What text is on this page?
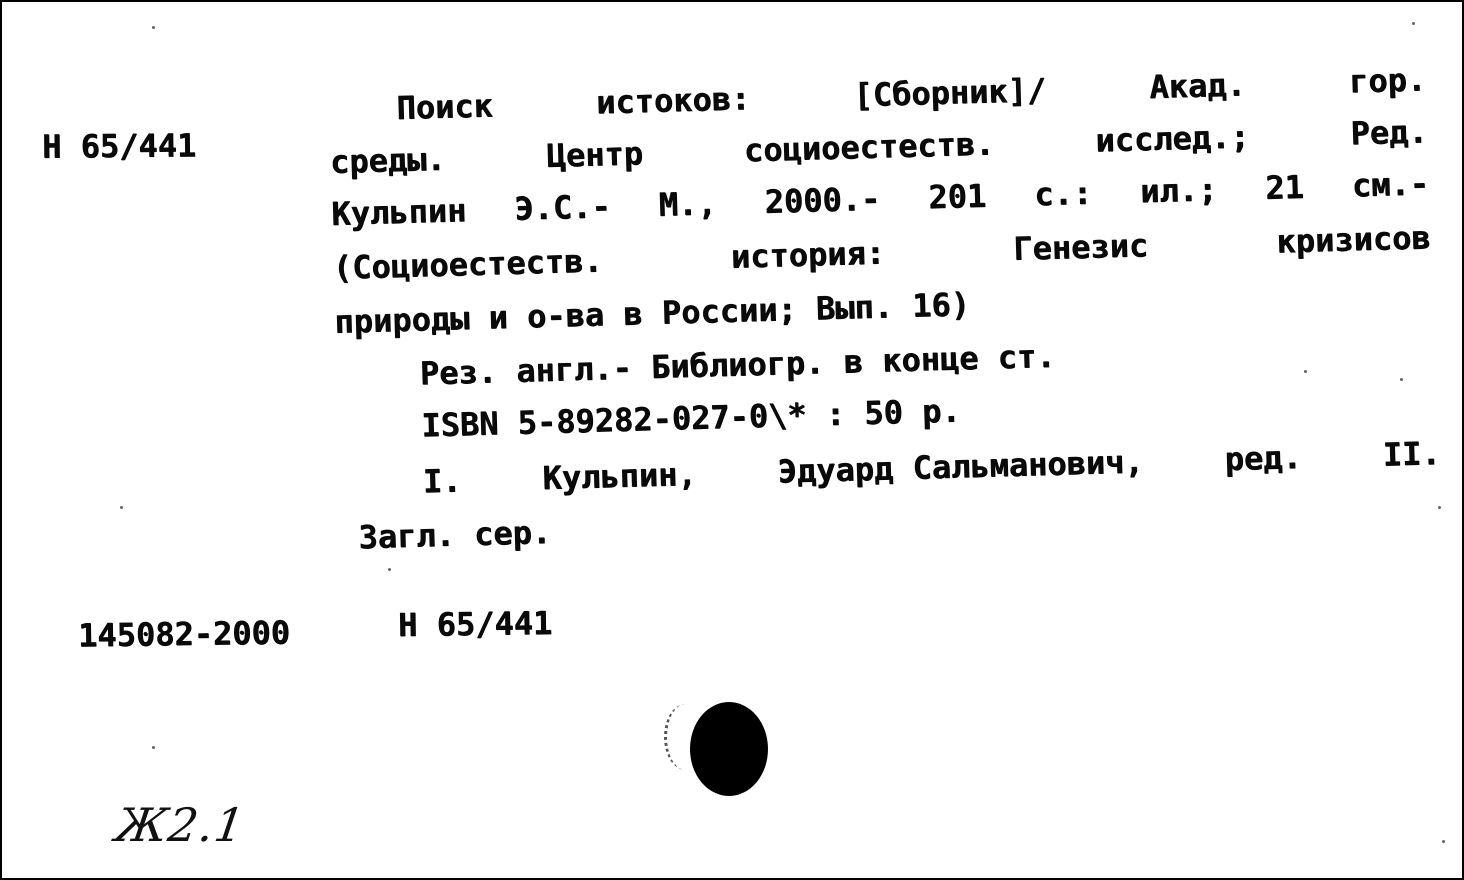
Н 65/441
Поиск	истоков:	[Сборник]/	Акад.	гор.
среды.	Центр	социоестеств.	исслед.;	Ред.
Кульпин Э.С.- М., 2000.- 201 с.: ил.; 21 см.-
(Социоестеств.	история:	Генезис	кризисов
природы и о-ва в России; Вып. 16)
Рез. англ.- Библиогр. в конце ст.
ISBN 5-89282-027-0\* : 50 р.
I.	Кульпин,	Эдуард Сальманович,	ред.	II.
Загл. сер.
145082-2000	Н 65/441
Ж2.1
